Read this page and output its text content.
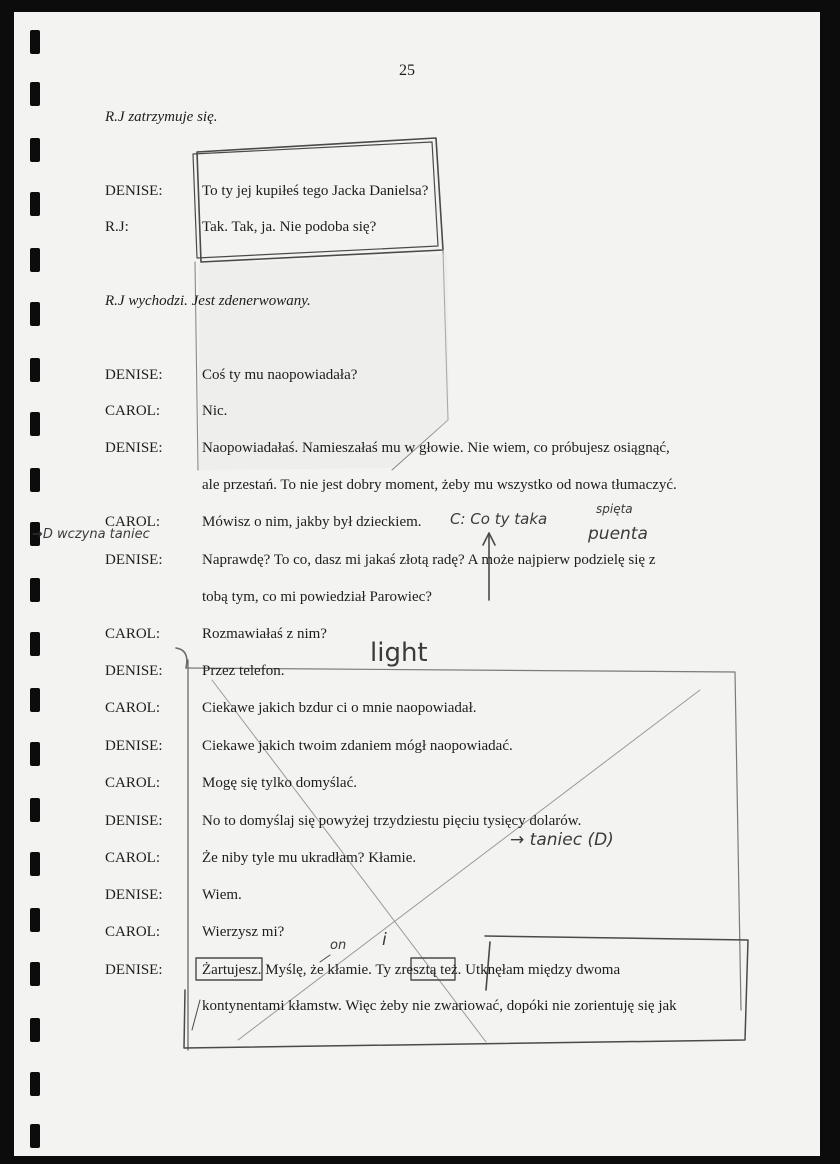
25
R.J zatrzymuje się.
DENISE:	To ty jej kupiłeś tego Jacka Danielsa?
R.J:	Tak. Tak, ja. Nie podoba się?
R.J wychodzi. Jest zdenerwowany.
DENISE:	Coś ty mu naopowiadała?
CAROL:	Nic.
DENISE:	Naopowiadałaś. Namieszałaś mu w głowie. Nie wiem, co próbujesz osiągnąć,
ale przestań. To nie jest dobry moment, żeby mu wszystko od nowa tłumaczyć.
CAROL:	Mówisz o nim, jakby był dzieckiem.
DENISE:	Naprawdę? To co, dasz mi jakaś złotą radę? A może najpierw podzielę się z
tobą tym, co mi powiedział Parowiec?
CAROL:	Rozmawiałaś z nim?
DENISE:	Przez telefon.
CAROL:	Ciekawe jakich bzdur ci o mnie naopowiadał.
DENISE:	Ciekawe jakich twoim zdaniem mógł naopowiadać.
CAROL:	Mogę się tylko domyślać.
DENISE:	No to domyślaj się powyżej trzydziestu pięciu tysięcy dolarów.
CAROL:	Że niby tyle mu ukradłam? Kłamie.
DENISE:	Wiem.
CAROL:	Wierzysz mi?
DENISE:	Żartujesz. Myślę, że kłamie. Ty zresztą też. Utknęłam między dwoma
kontynentami kłamstw. Więc żeby nie zwariować, dopóki nie zorientuję się jak
→D wczyna taniec
C: Co ty taka
spięta
puenta
light
→ taniec (D)
on i
